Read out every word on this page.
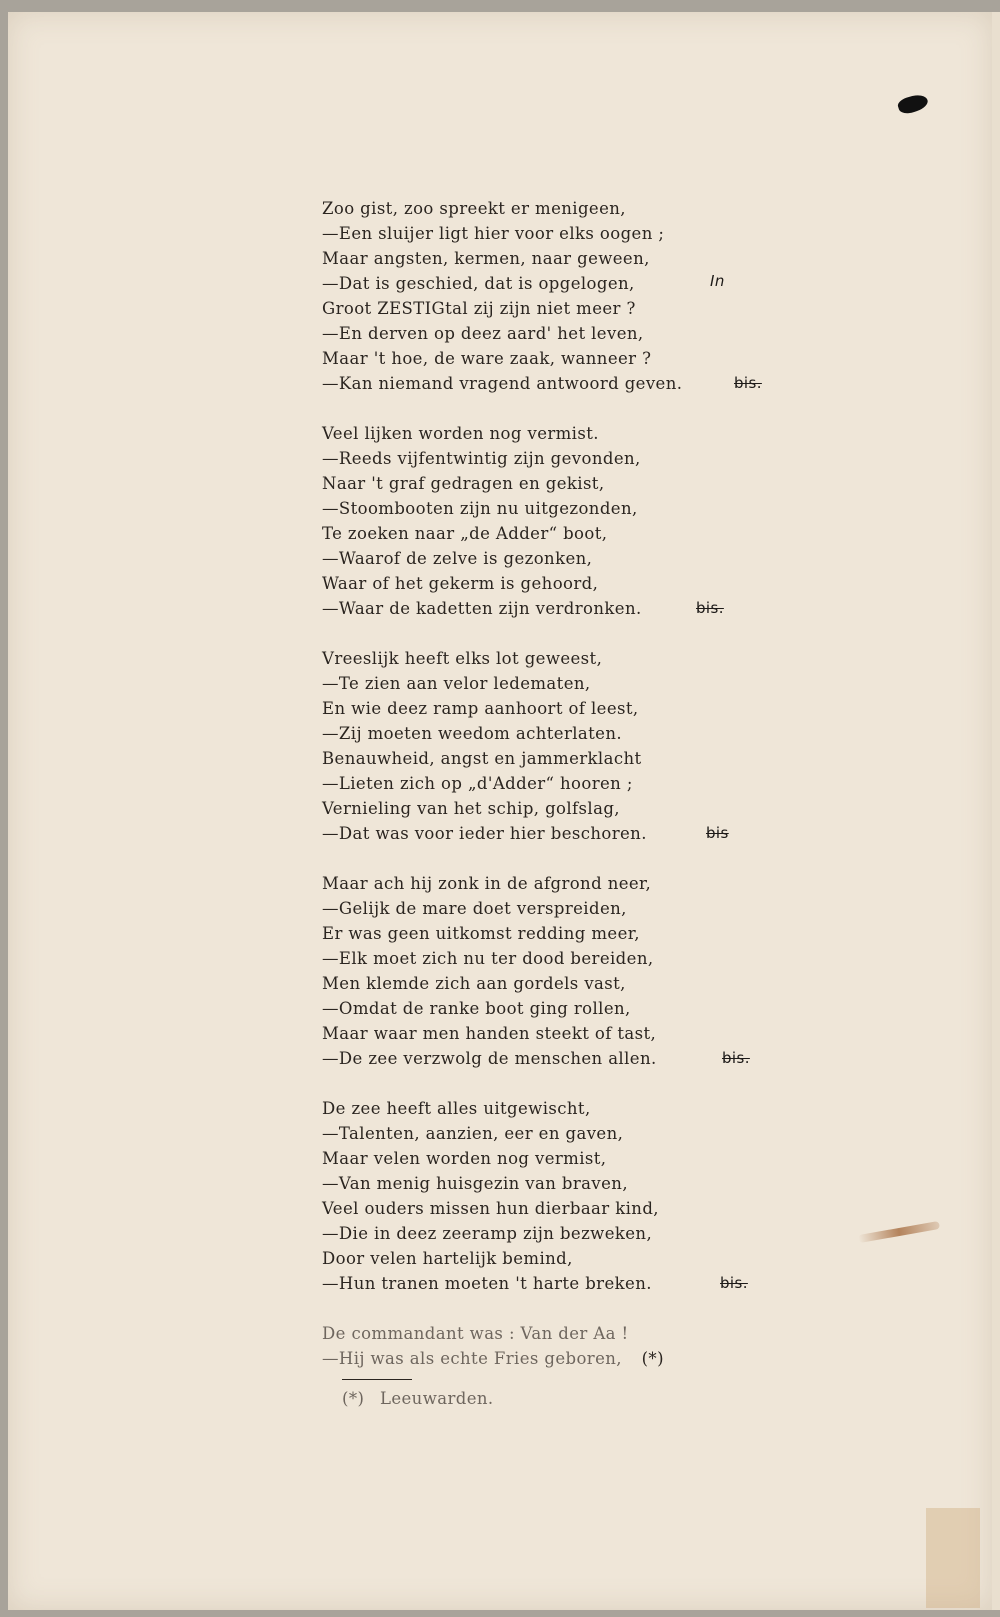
Zoo gist, zoo spreekt er menigeen,
—Een sluijer ligt hier voor elks oogen ;
Maar angsten, kermen, naar geween,
—Dat is geschied, dat is opgelogen,	In
Groot ZESTIGtal zij zijn niet meer ?
—En derven op deez aard' het leven,
Maar 't hoe, de ware zaak, wanneer ?
—Kan niemand vragend antwoord geven.	bis.
Veel lijken worden nog vermist.
—Reeds vijfentwintig zijn gevonden,
Naar 't graf gedragen en gekist,
—Stoombooten zijn nu uitgezonden,
Te zoeken naar „de Adder“ boot,
—Waarof de zelve is gezonken,
Waar of het gekerm is gehoord,
—Waar de kadetten zijn verdronken.	bis.
Vreeslijk heeft elks lot geweest,
—Te zien aan velor ledematen,
En wie deez ramp aanhoort of leest,
—Zij moeten weedom achterlaten.
Benauwheid, angst en jammerklacht
—Lieten zich op „d'Adder“ hooren ;
Vernieling van het schip, golfslag,
—Dat was voor ieder hier beschoren.	bis
Maar ach hij zonk in de afgrond neer,
—Gelijk de mare doet verspreiden,
Er was geen uitkomst redding meer,
—Elk moet zich nu ter dood bereiden,
Men klemde zich aan gordels vast,
—Omdat de ranke boot ging rollen,
Maar waar men handen steekt of tast,
—De zee verzwolg de menschen allen.	bis.
De zee heeft alles uitgewischt,
—Talenten, aanzien, eer en gaven,
Maar velen worden nog vermist,
—Van menig huisgezin van braven,
Veel ouders missen hun dierbaar kind,
—Die in deez zeeramp zijn bezweken,
Door velen hartelijk bemind,
—Hun tranen moeten 't harte breken.	bis.
De commandant was : Van der Aa !
—Hij was als echte Fries geboren, (*)
(*) Leeuwarden.
